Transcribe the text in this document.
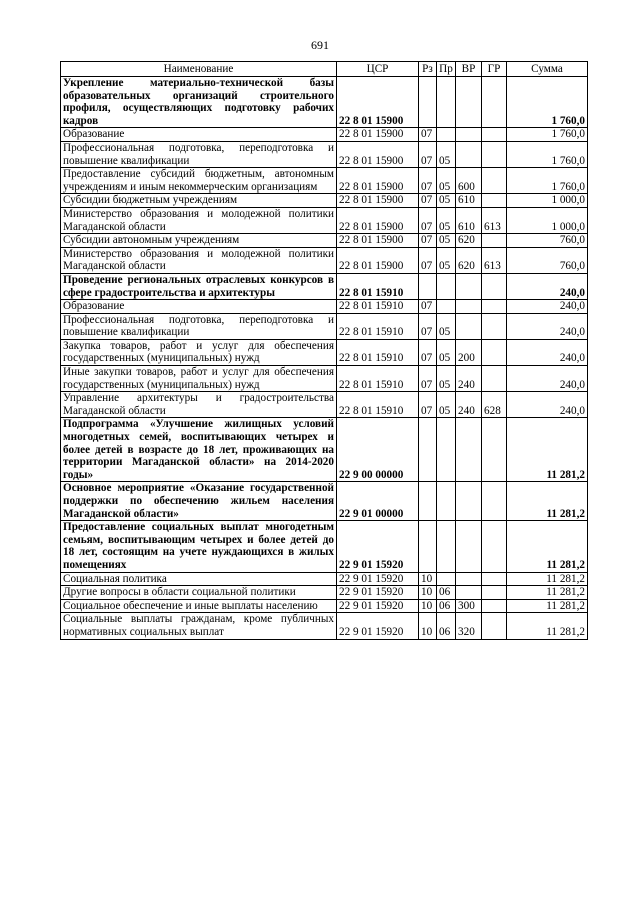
691
Наименование	ЦСР	Рз	Пр	ВР	ГР	Сумма
Укрепление материально-технической базы образовательных организаций строительного профиля, осуществляющих подготовку рабочих кадров	22 8 01 15900					1 760,0
Образование	22 8 01 15900	07				1 760,0
Профессиональная подготовка, переподготовка и повышение квалификации	22 8 01 15900	07	05			1 760,0
Предоставление субсидий бюджетным, автономным учреждениям и иным некоммерческим организациям	22 8 01 15900	07	05	600		1 760,0
Субсидии бюджетным учреждениям	22 8 01 15900	07	05	610		1 000,0
Министерство образования и молодежной политики Магаданской области	22 8 01 15900	07	05	610	613	1 000,0
Субсидии автономным учреждениям	22 8 01 15900	07	05	620		760,0
Министерство образования и молодежной политики Магаданской области	22 8 01 15900	07	05	620	613	760,0
Проведение региональных отраслевых конкурсов в сфере градостроительства и архитектуры	22 8 01 15910					240,0
Образование	22 8 01 15910	07				240,0
Профессиональная подготовка, переподготовка и повышение квалификации	22 8 01 15910	07	05			240,0
Закупка товаров, работ и услуг для обеспечения государственных (муниципальных) нужд	22 8 01 15910	07	05	200		240,0
Иные закупки товаров, работ и услуг для обеспечения государственных (муниципальных) нужд	22 8 01 15910	07	05	240		240,0
Управление архитектуры и градостроительства Магаданской области	22 8 01 15910	07	05	240	628	240,0
Подпрограмма «Улучшение жилищных условий многодетных семей, воспитывающих четырех и более детей в возрасте до 18 лет, проживающих на территории Магаданской области» на 2014-2020 годы»	22 9 00 00000					11 281,2
Основное мероприятие «Оказание государственной поддержки по обеспечению жильем населения Магаданской области»	22 9 01 00000					11 281,2
Предоставление социальных выплат многодетным семьям, воспитывающим четырех и более детей до 18 лет, состоящим на учете нуждающихся в жилых помещениях	22 9 01 15920					11 281,2
Социальная политика	22 9 01 15920	10				11 281,2
Другие вопросы в области социальной политики	22 9 01 15920	10	06			11 281,2
Социальное обеспечение и иные выплаты населению	22 9 01 15920	10	06	300		11 281,2
Социальные выплаты гражданам, кроме публичных нормативных социальных выплат	22 9 01 15920	10	06	320		11 281,2
